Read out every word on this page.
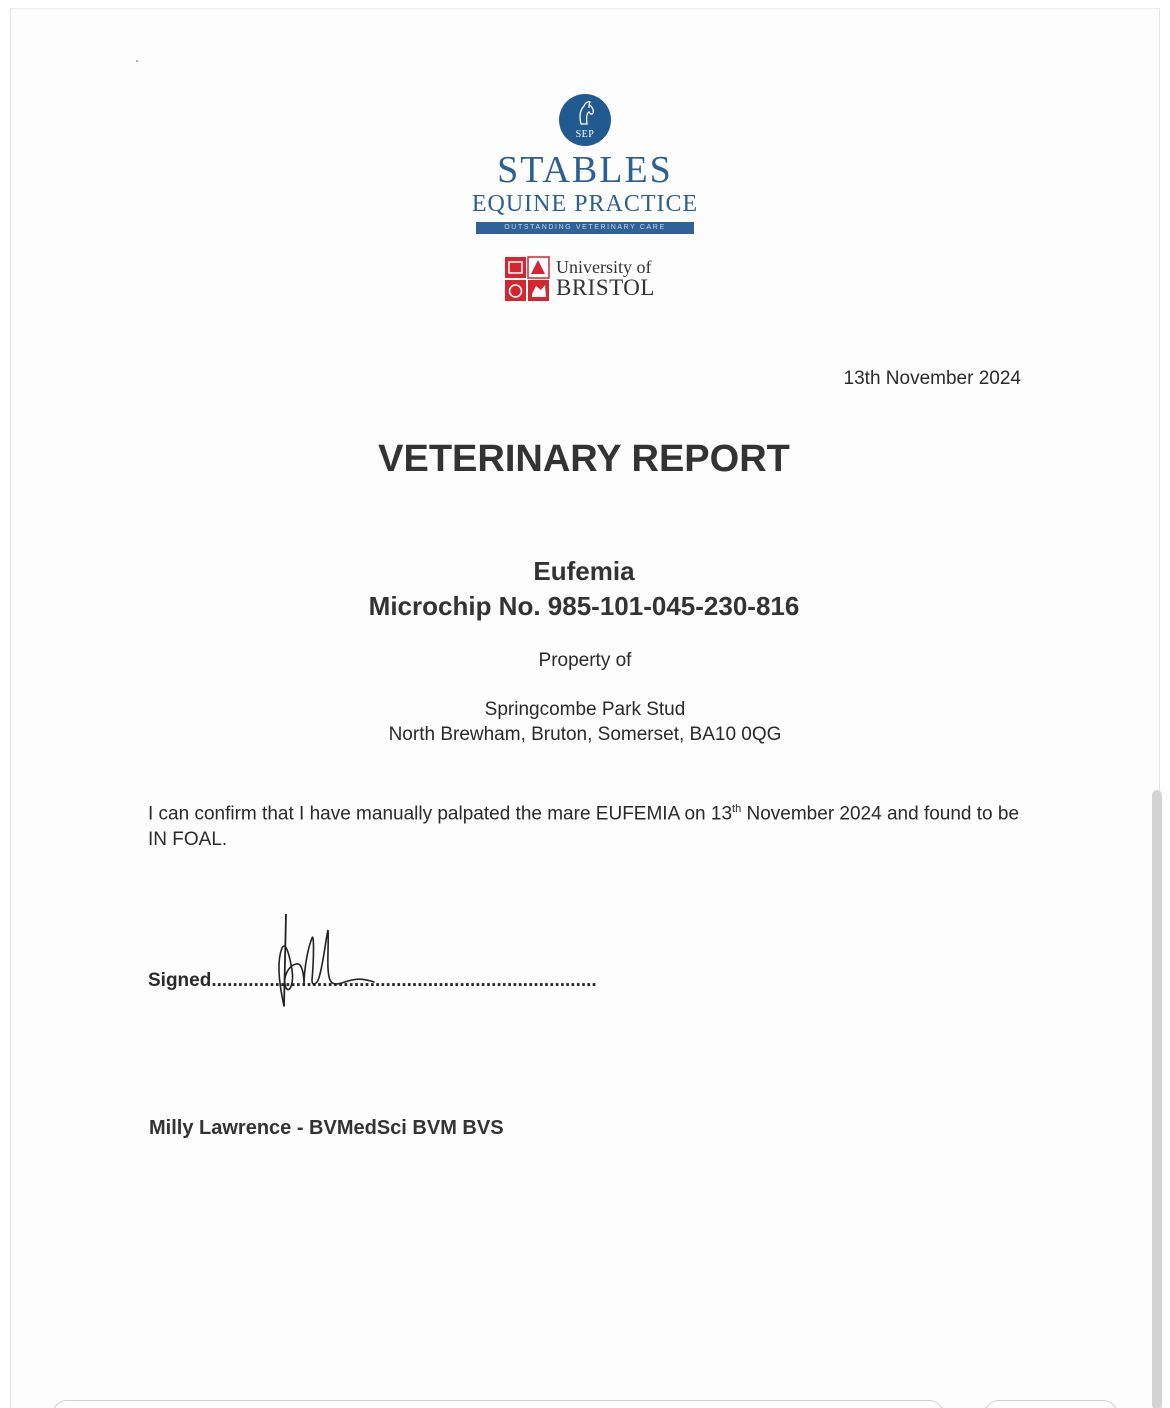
SEP
STABLES
EQUINE PRACTICE
OUTSTANDING VETERINARY CARE
University of
BRISTOL
13th November 2024
VETERINARY REPORT
Eufemia
Microchip No. 985-101-045-230-816
Property of
Springcombe Park Stud
North Brewham, Bruton, Somerset, BA10 0QG
I can confirm that I have manually palpated the mare EUFEMIA on 13th November 2024 and found to be IN FOAL.
Signed.........................................................................
Milly Lawrence - BVMedSci BVM BVS
